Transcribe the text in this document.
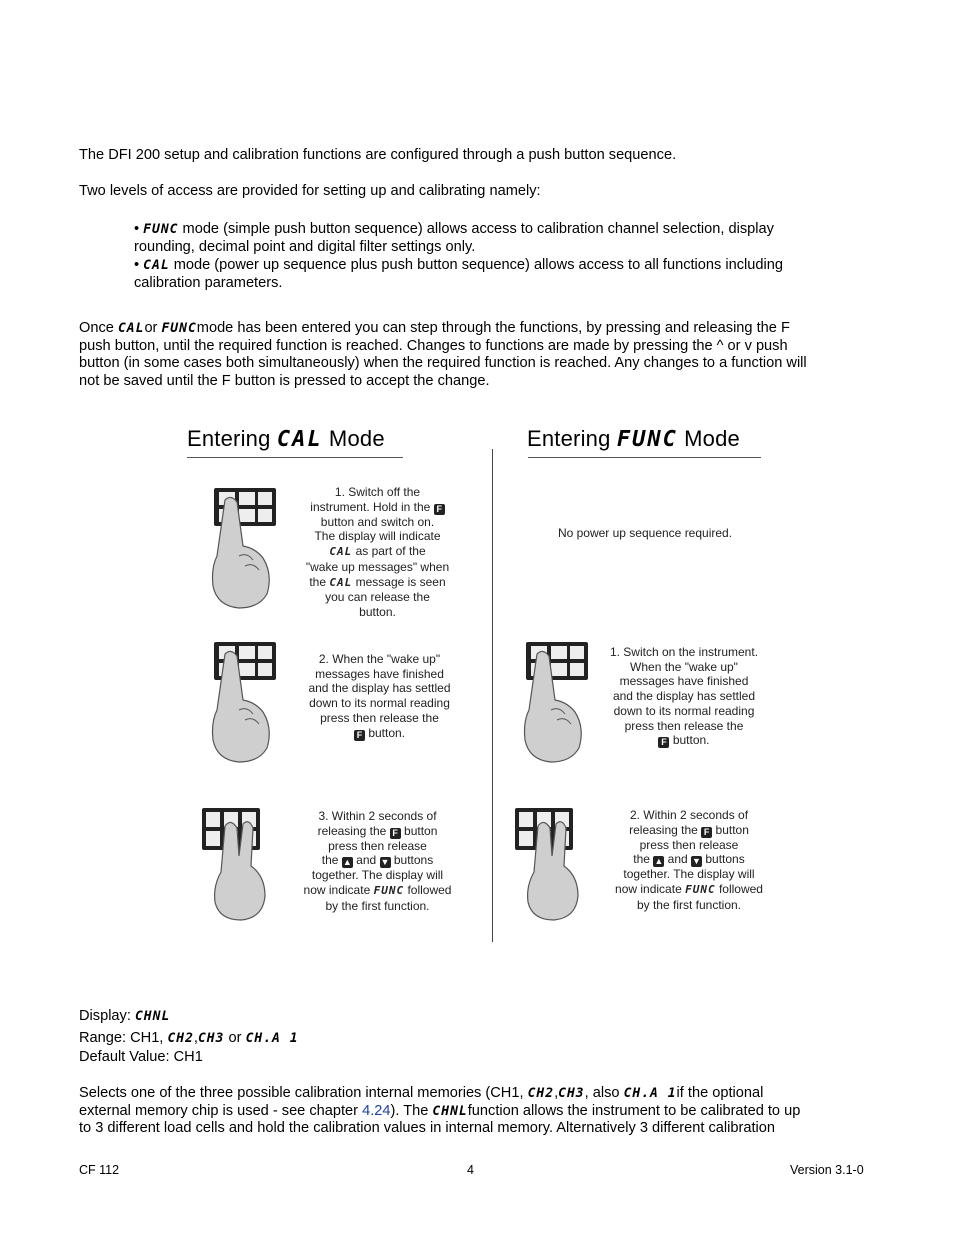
The DFI 200 setup and calibration functions are configured through a push button sequence.
Two levels of access are provided for setting up and calibrating namely:
• FUNC mode (simple push button sequence) allows access to calibration channel selection, display
rounding, decimal point and digital filter settings only.
• CAL mode (power up sequence plus push button sequence) allows access to all functions including
calibration parameters.
Once CALor FUNCmode has been entered you can step through the functions, by pressing and releasing the F
push button, until the required function is reached. Changes to functions are made by pressing the ^ or v push
button (in some cases both simultaneously) when the required function is reached. Any changes to a function will
not be saved until the F button is pressed to accept the change.
Entering CAL Mode	Entering FUNC Mode
1. Switch off the
instrument. Hold in the F
button and switch on.
The display will indicate
CAL as part of the
"wake up messages" when
the CAL message is seen
you can release the
button.
2. When the "wake up"
messages have finished
and the display has settled
down to its normal reading
press then release the
F button.
3. Within 2 seconds of
releasing the F button
press then release
the ▲ and ▼ buttons
together. The display will
now indicate FUNC followed
by the first function.
No power up sequence required.
1. Switch on the instrument.
When the "wake up"
messages have finished
and the display has settled
down to its normal reading
press then release the
F button.
2. Within 2 seconds of
releasing the F button
press then release
the ▲ and ▼ buttons
together. The display will
now indicate FUNC followed
by the first function.
Display: CHNL
Range: CH1, CH2,CH3 or CH.A 1
Default Value: CH1
Selects one of the three possible calibration internal memories (CH1, CH2,CH3, also CH.A 1if the optional
external memory chip is used - see chapter 4.24). The CHNLfunction allows the instrument to be calibrated to up
to 3 different load cells and hold the calibration values in internal memory. Alternatively 3 different calibration
CF 112	4	Version 3.1-0
